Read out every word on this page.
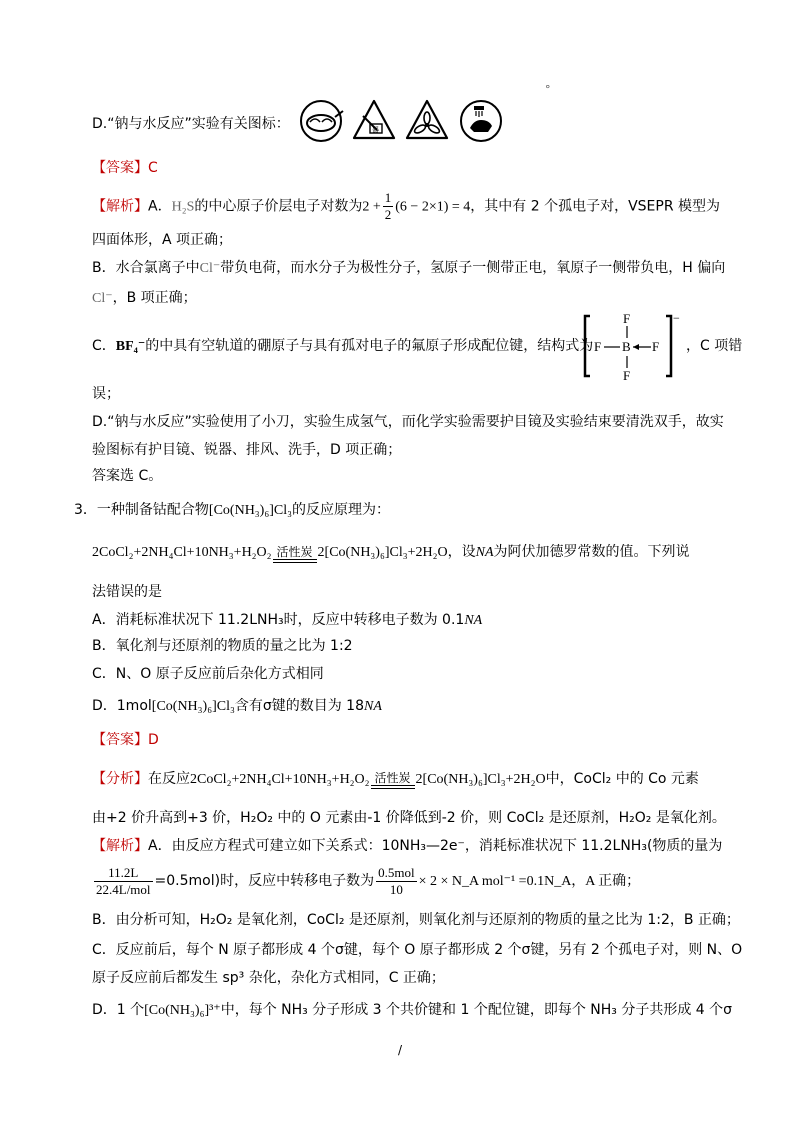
°
D.“钠与水反应”实验有关图标：	器
【答案】C
【解析】A．H₂S的中心原子价层电子对数为$2 + \frac{1}{2} (6 - 2\times 1) = 4$，其中有 2 个孤电子对，VSEPR 模型为
四面体形，A 项正确；
B．水合氯离子中Cl⁻带负电荷，而水分子为极性分子，氢原子一侧带正电，氧原子一侧带负电，H 偏向
Cl⁻，B 项正确；
C．BF₄⁻的中具有空轨道的硼原子与具有孤对电子的氟原子形成配位键，结构式为
−
F
F B F
F
，C 项错
误；
D.“钠与水反应”实验使用了小刀，实验生成氢气，而化学实验需要护目镜及实验结束要清洗双手，故实
验图标有护目镜、锐器、排风、洗手，D 项正确；
答案选 C。
3．一种制备钴配合物[Co(NH₃)₆]Cl₃的反应原理为：
2CoCl₂+2NH₄Cl+10NH₃+H₂O₂ 活性炭 2[Co(NH₃)₆]Cl₃+2H₂O，设NA为阿伏加德罗常数的值。下列说
法错误的是
A．消耗标准状况下 11.2LNH₃时，反应中转移电子数为 0.1NA
B．氧化剂与还原剂的物质的量之比为 1:2
C．N、O 原子反应前后杂化方式相同
D．1mol[Co(NH₃)₆]Cl₃含有σ键的数目为 18NA
【答案】D
【分析】在反应2CoCl₂+2NH₄Cl+10NH₃+H₂O₂ 活性炭 2[Co(NH₃)₆]Cl₃+2H₂O中，CoCl₂ 中的 Co 元素
由+2 价升高到+3 价，H₂O₂ 中的 O 元素由-1 价降低到-2 价，则 CoCl₂ 是还原剂，H₂O₂ 是氧化剂。
【解析】A．由反应方程式可建立如下关系式：10NH₃—2e⁻，消耗标准状况下 11.2LNH₃(物质的量为
$\frac{11.2L}{\text{22.4L/mol}} =0.5mol$)时，反应中转移电子数为 $\frac{\text{0.5mol}}{10} \times 2$ × N_A mol⁻¹ =0.1N_A，A 正确；
B．由分析可知，H₂O₂ 是氧化剂，CoCl₂ 是还原剂，则氧化剂与还原剂的物质的量之比为 1:2，B 正确；
C．反应前后，每个 N 原子都形成 4 个σ键，每个 O 原子都形成 2 个σ键，另有 2 个孤电子对，则 N、O
原子反应前后都发生 sp³ 杂化，杂化方式相同，C 正确；
D．1 个[Co(NH₃)₆]³⁺中，每个 NH₃ 分子形成 3 个共价键和 1 个配位键，即每个 NH₃ 分子共形成 4 个σ
/
